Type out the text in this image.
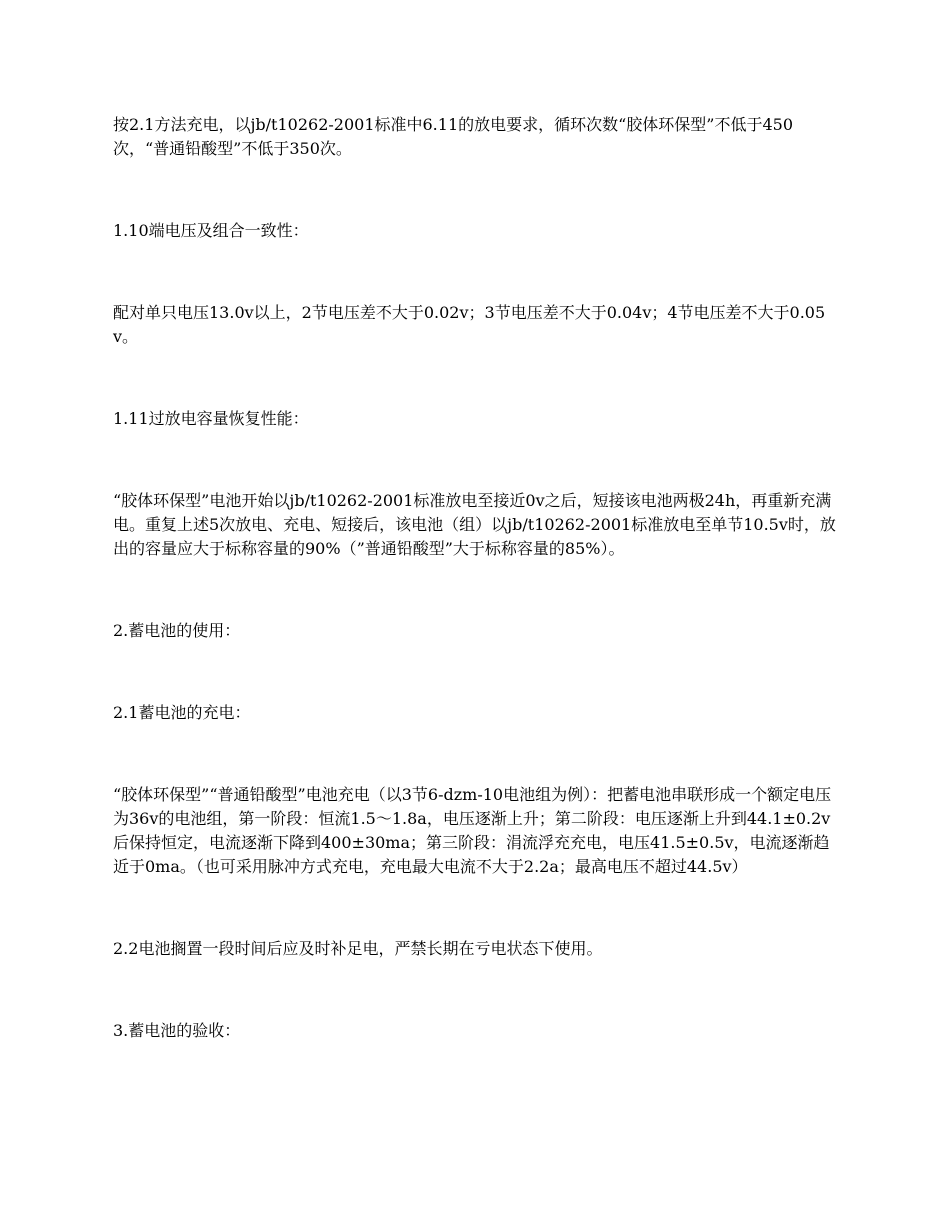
按2.1方法充电，以jb/t10262-2001标准中6.11的放电要求，循环次数“胶体环保型”不低于450次，“普通铅酸型”不低于350次。

1.10端电压及组合一致性：

配对单只电压13.0v以上，2节电压差不大于0.02v；3节电压差不大于0.04v；4节电压差不大于0.05v。

1.11过放电容量恢复性能：

“胶体环保型”电池开始以jb/t10262-2001标准放电至接近0v之后，短接该电池两极24h，再重新充满电。重复上述5次放电、充电、短接后，该电池（组）以jb/t10262-2001标准放电至单节10.5v时，放出的容量应大于标称容量的90%（”普通铅酸型”大于标称容量的85%）。

2.蓄电池的使用：

2.1蓄电池的充电：

“胶体环保型”“普通铅酸型”电池充电（以3节6-dzm-10电池组为例）：把蓄电池串联形成一个额定电压为36v的电池组，第一阶段：恒流1.5～1.8a，电压逐渐上升；第二阶段：电压逐渐上升到44.1±0.2v后保持恒定，电流逐渐下降到400±30ma；第三阶段：涓流浮充充电，电压41.5±0.5v，电流逐渐趋近于0ma。（也可采用脉冲方式充电，充电最大电流不大于2.2a；最高电压不超过44.5v）

2.2电池搁置一段时间后应及时补足电，严禁长期在亏电状态下使用。

3.蓄电池的验收：
